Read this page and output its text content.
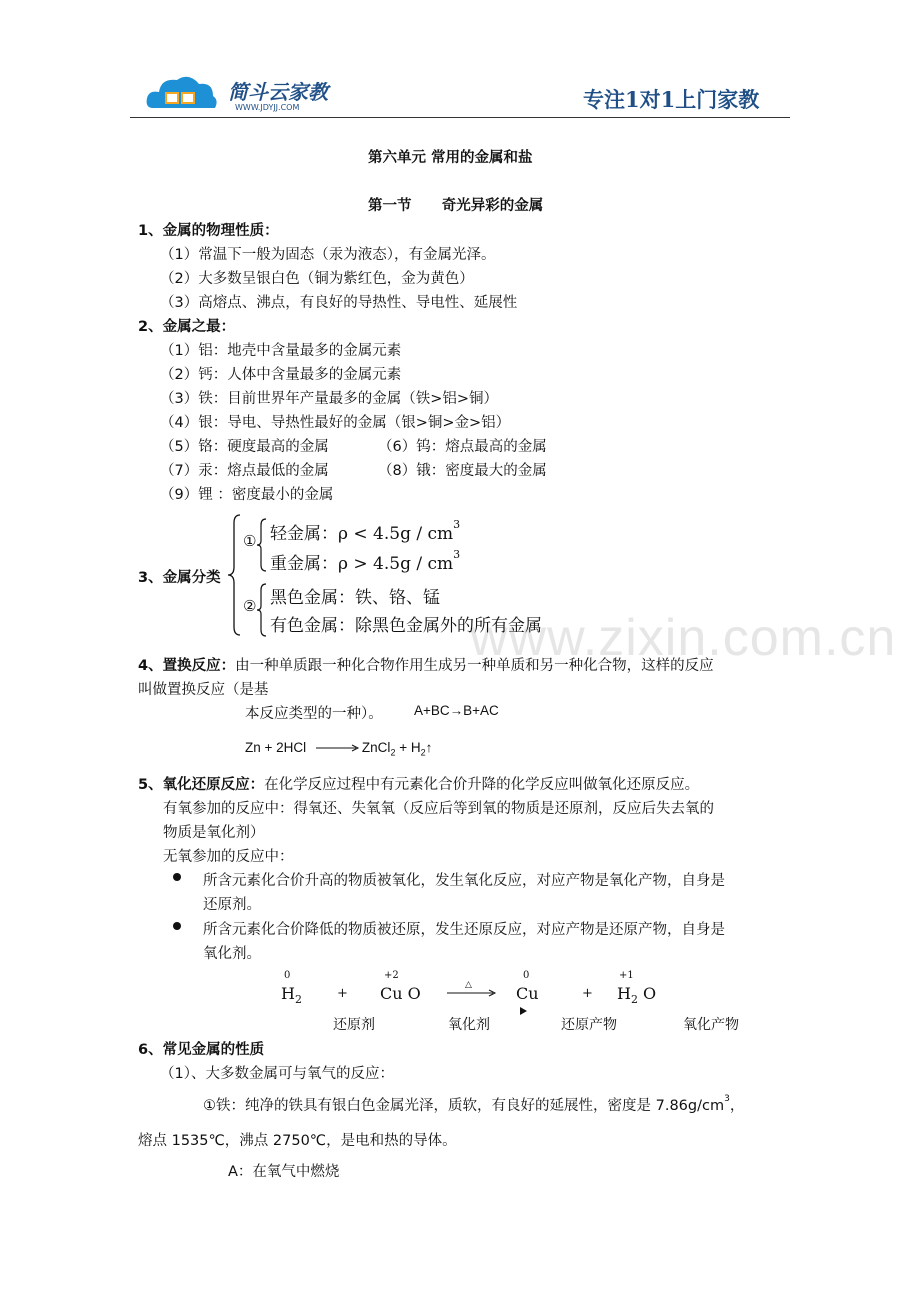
简斗云家教
WWW.JDYJJ.COM	专注1对1上门家教
www.zixin.com.cn
第六单元 常用的金属和盐
第一节      奇光异彩的金属
1、金属的物理性质：
（1）常温下一般为固态（汞为液态），有金属光泽。
（2）大多数呈银白色（铜为紫红色，金为黄色）
（3）高熔点、沸点，有良好的导热性、导电性、延展性
2、金属之最：
（1）铝：地壳中含量最多的金属元素
（2）钙：人体中含量最多的金属元素
（3）铁：目前世界年产量最多的金属（铁>铝>铜）
（4）银：导电、导热性最好的金属（银>铜>金>铝）
（5）铬：硬度最高的金属	（6）钨：熔点最高的金属
（7）汞：熔点最低的金属	（8）锇：密度最大的金属
（9）锂 ：密度最小的金属
3、金属分类
① 轻金属：$\rho < 4.5g / cm^3$
重金属：$\rho > 4.5g / cm^3$
② 黑色金属：铁、铬、锰
有色金属：除黑色金属外的所有金属
4、置换反应：由一种单质跟一种化合物作用生成另一种单质和另一种化合物，这样的反应
叫做置换反应（是基
本反应类型的一种）。 A+BC→B+AC
Zn + 2HCl → ZnCl$_2$ + $H_2↑$
5、氧化还原反应：在化学反应过程中有元素化合价升降的化学反应叫做氧化还原反应。
有氧参加的反应中：得氧还、失氧氧（反应后等到氧的物质是还原剂，反应后失去氧的
物质是氧化剂）
无氧参加的反应中：
所含元素化合价升高的物质被氧化，发生氧化反应，对应产物是氧化产物，自身是
还原剂。
所含元素化合价降低的物质被还原，发生还原反应，对应产物是还原产物，自身是
氧化剂。
0
$H_2$	+
+2
Cu O	△
0
Cu	+
+1
$H_2$ O
还原剂	氧化剂	还原产物	氧化产物
6、常见金属的性质
（1）、大多数金属可与氧气的反应：
①铁：纯净的铁具有银白色金属光泽，质软，有良好的延展性，密度是 $7.86g/cm^3$，
熔点 1535℃，沸点 2750℃，是电和热的导体。
A：在氧气中燃烧
